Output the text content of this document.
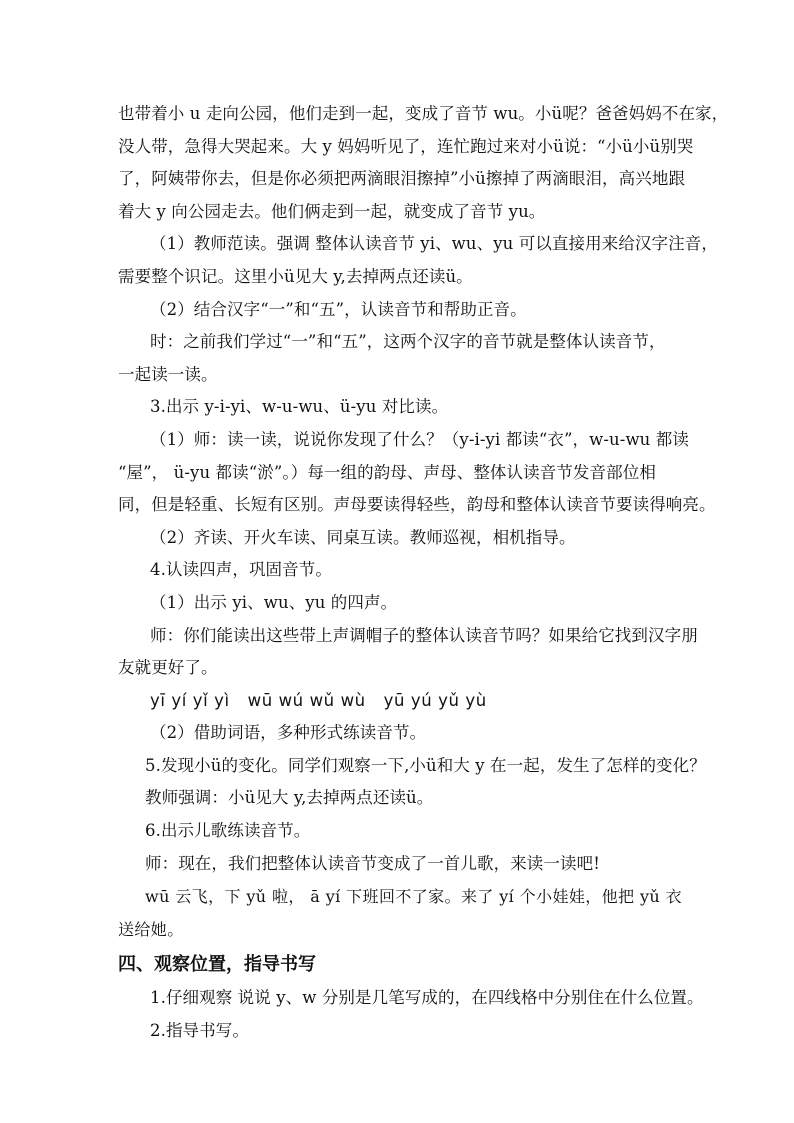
也带着小 u 走向公园，他们走到一起，变成了音节 wu。小ü呢？爸爸妈妈不在家，
没人带，急得大哭起来。大 y 妈妈听见了，连忙跑过来对小ü说：“小ü小ü别哭
了，阿姨带你去，但是你必须把两滴眼泪擦掉”小ü擦掉了两滴眼泪，高兴地跟
着大 y 向公园走去。他们俩走到一起，就变成了音节 yu。
（1）教师范读。强调 整体认读音节 yi、wu、yu 可以直接用来给汉字注音，
需要整个识记。这里小ü见大 y,去掉两点还读ü。
（2）结合汉字“一”和“五”，认读音节和帮助正音。
时：之前我们学过“一”和“五”，这两个汉字的音节就是整体认读音节，
一起读一读。
3.出示 y-i-yi、w-u-wu、ü-yu 对比读。
（1）师：读一读，说说你发现了什么？（y-i-yi 都读“衣”，w-u-wu 都读
“屋”， ü-yu 都读“淤”。）每一组的韵母、声母、整体认读音节发音部位相
同，但是轻重、长短有区别。声母要读得轻些，韵母和整体认读音节要读得响亮。
（2）齐读、开火车读、同桌互读。教师巡视，相机指导。
4.认读四声，巩固音节。
（1）出示 yi、wu、yu 的四声。
师：你们能读出这些带上声调帽子的整体认读音节吗？如果给它找到汉字朋
友就更好了。
yī yí yǐ yì wū wú wǔ wù yū yú yǔ yù
（2）借助词语，多种形式练读音节。
5.发现小ü的变化。同学们观察一下,小ü和大 y 在一起，发生了怎样的变化？
教师强调：小ü见大 y,去掉两点还读ü。
6.出示儿歌练读音节。
师：现在，我们把整体认读音节变成了一首儿歌，来读一读吧!
wū 云飞，下 yǔ 啦， ā yí 下班回不了家。来了 yí 个小娃娃，他把 yǔ 衣
送给她。
四、观察位置，指导书写
1.仔细观察 说说 y、w 分别是几笔写成的，在四线格中分别住在什么位置。
2.指导书写。
